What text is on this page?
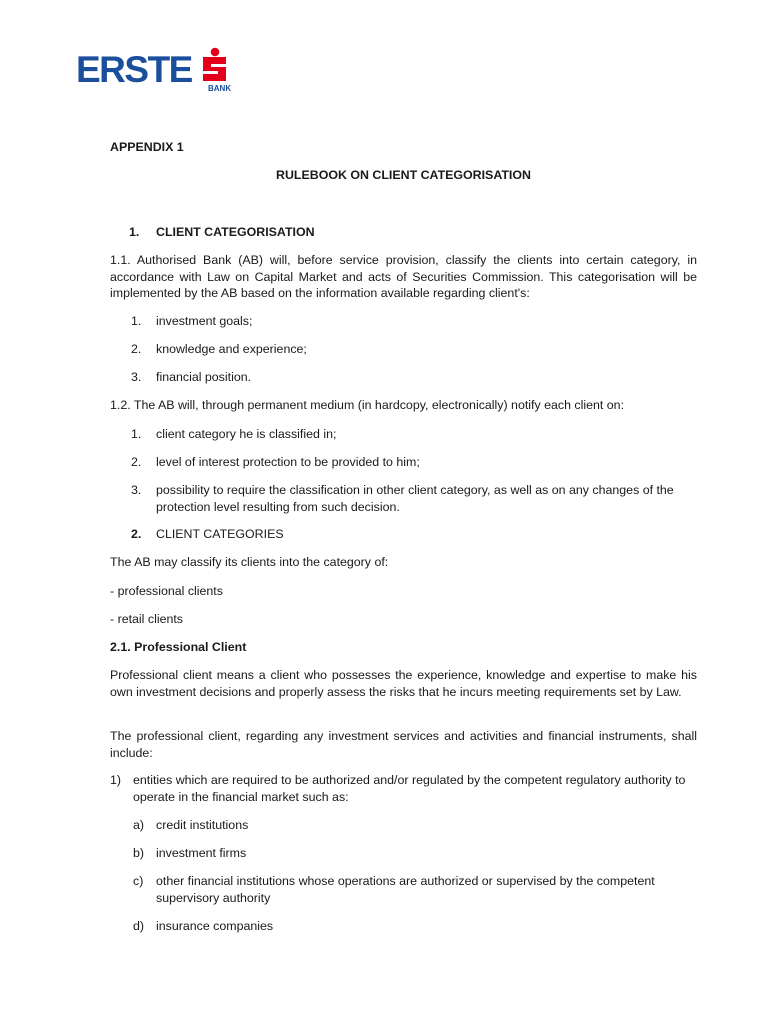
ERSTE BANK
APPENDIX 1
RULEBOOK ON CLIENT CATEGORISATION
1. CLIENT CATEGORISATION
1.1. Authorised Bank (AB) will, before service provision, classify the clients into certain category, in accordance with Law on Capital Market and acts of Securities Commission. This categorisation will be implemented by the AB based on the information available regarding client's:
1. investment goals;
2. knowledge and experience;
3. financial position.
1.2. The AB will, through permanent medium (in hardcopy, electronically) notify each client on:
1. client category he is classified in;
2. level of interest protection to be provided to him;
3. possibility to require the classification in other client category, as well as on any changes of the protection level resulting from such decision.
2. CLIENT CATEGORIES
The AB may classify its clients into the category of:
- professional clients
- retail clients
2.1. Professional Client
Professional client means a client who possesses the experience, knowledge and expertise to make his own investment decisions and properly assess the risks that he incurs meeting requirements set by Law.
The professional client, regarding any investment services and activities and financial instruments, shall include:
1) entities which are required to be authorized and/or regulated by the competent regulatory authority to operate in the financial market such as:
a) credit institutions
b) investment firms
c) other financial institutions whose operations are authorized or supervised by the competent supervisory authority
d) insurance companies
